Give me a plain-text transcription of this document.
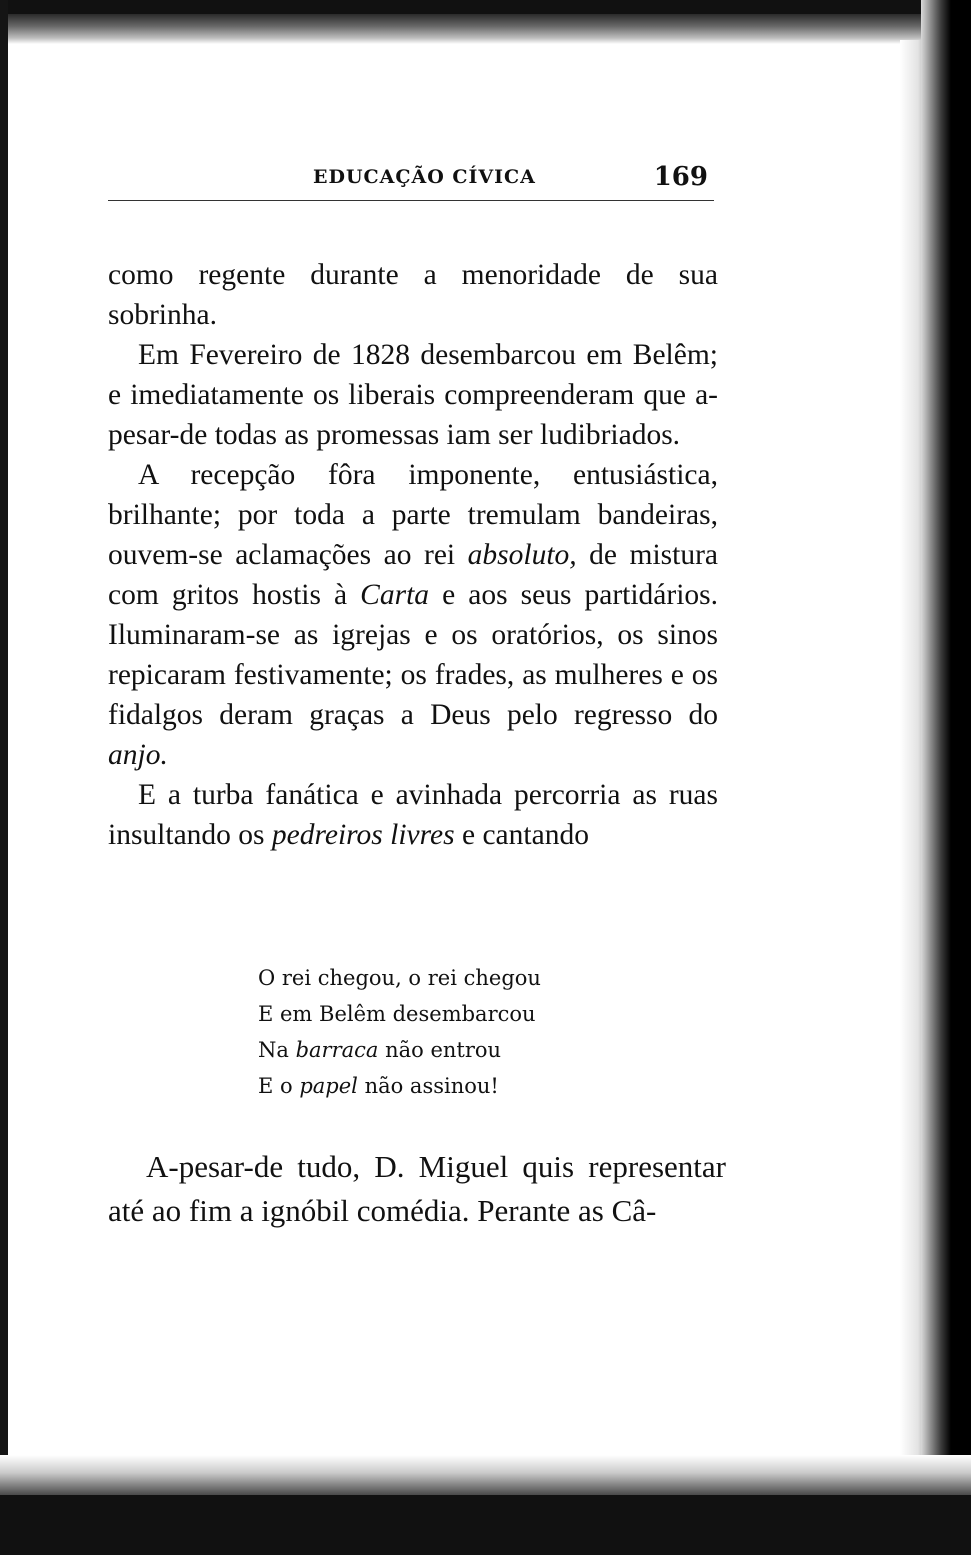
EDUCAÇÃO CÍVICA	169

como regente durante a menoridade de sua sobrinha.

Em Fevereiro de 1828 desembarcou em Belêm; e imediatamente os liberais compreenderam que a-pesar-de todas as promessas iam ser ludibriados.

A recepção fôra imponente, entusiástica, brilhante; por toda a parte tremulam bandeiras, ouvem-se aclamações ao rei absoluto, de mistura com gritos hostis à Carta e aos seus partidários. Iluminaram-se as igrejas e os oratórios, os sinos repicaram festivamente; os frades, as mulheres e os fidalgos deram graças a Deus pelo regresso do anjo.

E a turba fanática e avinhada percorria as ruas insultando os pedreiros livres e cantando

O rei chegou, o rei chegou
E em Belêm desembarcou
Na barraca não entrou
E o papel não assinou!

A-pesar-de tudo, D. Miguel quis representar até ao fim a ignóbil comédia. Perante as Câ-
